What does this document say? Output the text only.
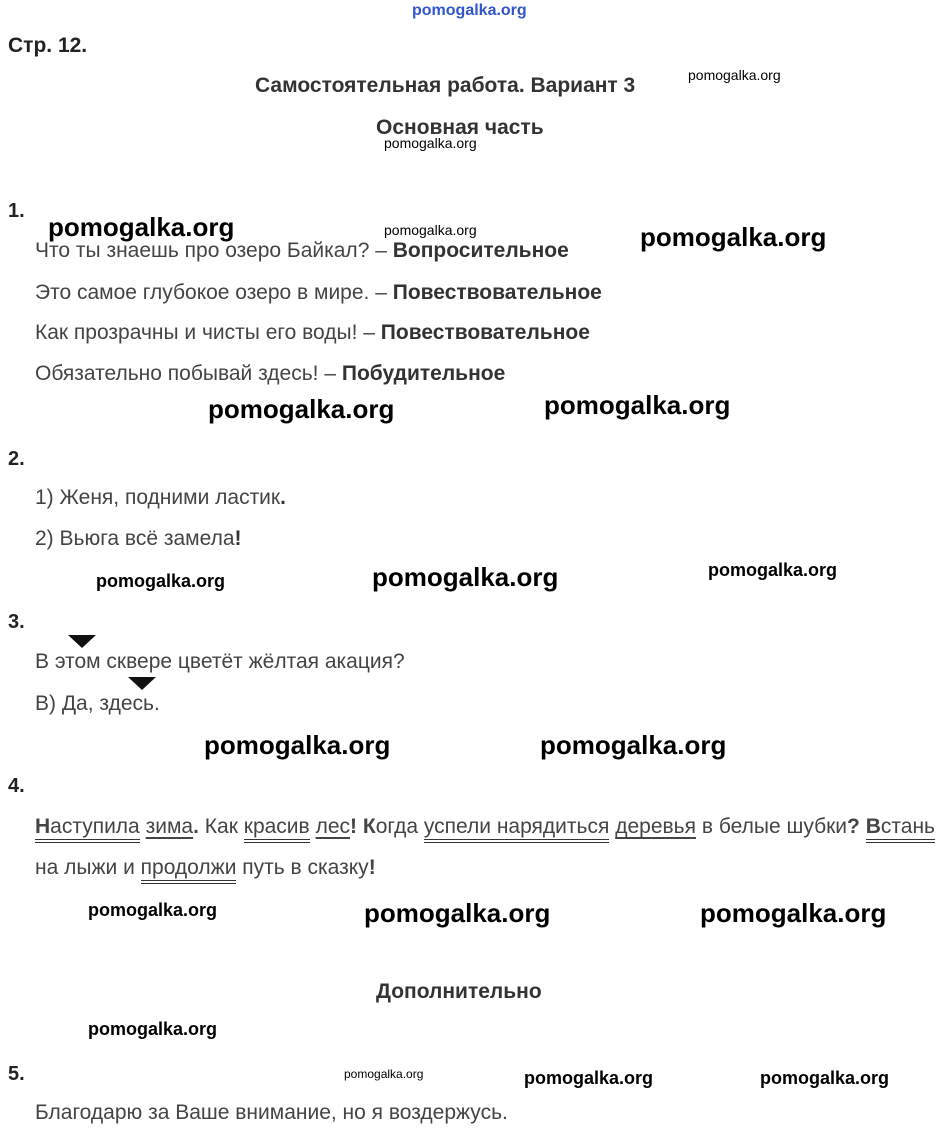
pomogalka.org
Стр. 12.
Самостоятельная работа. Вариант 3	pomogalka.org
Основная часть
pomogalka.org
1.
pomogalka.org	pomogalka.org	pomogalka.org
Что ты знаешь про озеро Байкал? – Вопросительное
Это самое глубокое озеро в мире. – Повествовательное
Как прозрачны и чисты его воды! – Повествовательное
Обязательно побывай здесь! – Побудительное
pomogalka.org	pomogalka.org
2.
1) Женя, подними ластик.
2) Вьюга всё замела!
pomogalka.org	pomogalka.org	pomogalka.org
3.
В этом сквере цветёт жёлтая акация?
В) Да, здесь.
pomogalka.org	pomogalka.org
4.
Наступила зима. Как красив лес! Когда успели нарядиться деревья в белые шубки? Встань на лыжи и продолжи путь в сказку!
pomogalka.org	pomogalka.org	pomogalka.org
Дополнительно
pomogalka.org
5.	pomogalka.org	pomogalka.org	pomogalka.org
Благодарю за Ваше внимание, но я воздержусь.
